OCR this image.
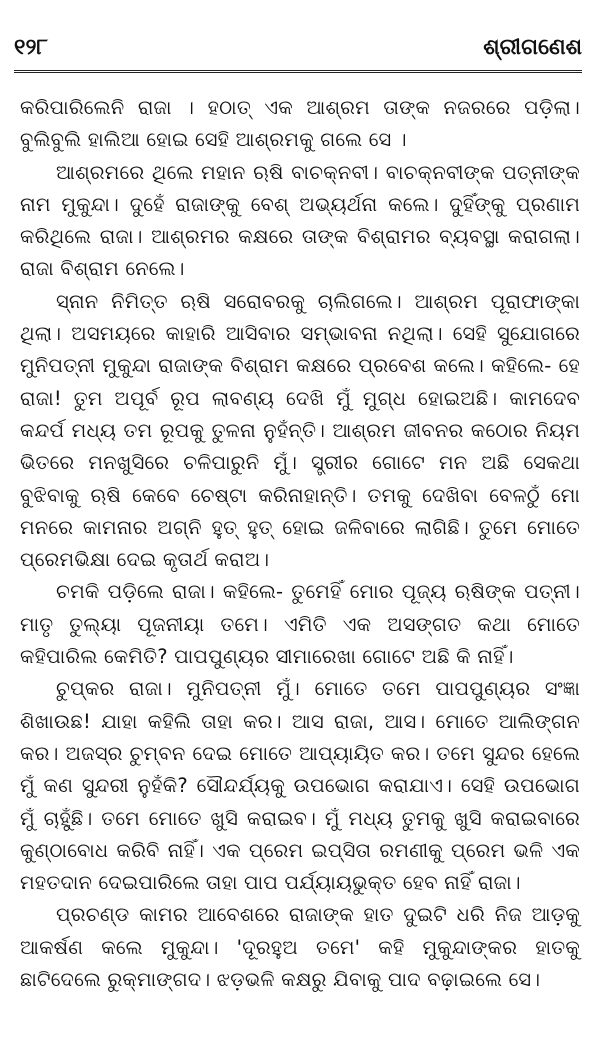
୧୨୮	ଶ୍ରୀଗଣେଶ

କରିପାରିଲେନି ରାଜା । ହଠାତ୍ ଏକ ଆଶ୍ରମ ତାଙ୍କ ନଜରରେ ପଡ଼ିଲା। ବୁଲିବୁଲି ହାଲିଆ ହୋଇ ସେହି ଆଶ୍ରମକୁ ଗଲେ ସେ ।

ଆଶ୍ରମରେ ଥିଲେ ମହାନ ଋଷି ବାଚକ୍ନବୀ। ବାଚକ୍ନବୀଙ୍କ ପତ୍ନୀଙ୍କ ନାମ ମୁକୁନ୍ଦା। ଦୁହେଁ ରାଜାଙ୍କୁ ବେଶ୍ ଅଭ୍ୟର୍ଥନା କଲେ। ଦୁହିଁଙ୍କୁ ପ୍ରଣାମ କରିଥିଲେ ରାଜା। ଆଶ୍ରମର କକ୍ଷରେ ତାଙ୍କ ବିଶ୍ରାମର ବ୍ୟବସ୍ଥା କରାଗଲା। ରାଜା ବିଶ୍ରାମ ନେଲେ।

ସ୍ନାନ ନିମିତ୍ତ ଋଷି ସରୋବରକୁ ଚାଲିଗଲେ। ଆଶ୍ରମ ପୂରାଫାଙ୍କା ଥିଲା। ଅସମୟରେ କାହାରି ଆସିବାର ସମ୍ଭାବନା ନଥିଲା। ସେହି ସୁଯୋଗରେ ମୁନିପତ୍ନୀ ମୁକୁନ୍ଦା ରାଜାଙ୍କ ବିଶ୍ରାମ କକ୍ଷରେ ପ୍ରବେଶ କଲେ। କହିଲେ- ହେ ରାଜା! ତୁମ ଅପୂର୍ବ ରୂପ ଲାବଣ୍ୟ ଦେଖି ମୁଁ ମୁଗ୍ଧ ହୋଇଅଛି। କାମଦେବ କନ୍ଦର୍ପ ମଧ୍ୟ ତମ ରୂପକୁ ତୁଳନା ନୁହଁନ୍ତି। ଆଶ୍ରମ ଜୀବନର କଠୋର ନିୟମ ଭିତରେ ମନଖୁସିରେ ଚଳିପାରୁନି ମୁଁ। ସ୍ତ୍ରୀର ଗୋଟେ ମନ ଅଛି ସେକଥା ବୁଝିବାକୁ ଋଷି କେବେ ଚେଷ୍ଟା କରିନାହାନ୍ତି। ତମକୁ ଦେଖିବା ବେଳଠୁଁ ମୋ ମନରେ କାମନାର ଅଗ୍ନି ହୁତ୍ ହୁତ୍ ହୋଇ ଜଳିବାରେ ଲାଗିଛି। ତୁମେ ମୋତେ ପ୍ରେମଭିକ୍ଷା ଦେଇ କୃତାର୍ଥ କରାଅ।

ଚମକି ପଡ଼ିଲେ ରାଜା। କହିଲେ- ତୁମେହିଁ ମୋର ପୂଜ୍ୟ ଋଷିଙ୍କ ପତ୍ନୀ। ମାତୃ ତୁଲ୍ୟା ପୂଜନୀୟା ତମେ। ଏମିତି ଏକ ଅସଙ୍ଗତ କଥା ମୋତେ କହିପାରିଲ କେମିତି? ପାପପୁଣ୍ୟର ସୀମାରେଖା ଗୋଟେ ଅଛି କି ନାହିଁ।

ଚୁପ୍‌କର ରାଜା। ମୁନିପତ୍ନୀ ମୁଁ। ମୋତେ ତମେ ପାପପୁଣ୍ୟର ସଂଜ୍ଞା ଶିଖାଉଛ! ଯାହା କହିଲି ତାହା କର। ଆସ ରାଜା, ଆସ। ମୋତେ ଆଲିଙ୍ଗନ କର। ଅଜସ୍ର ଚୁମ୍ବନ ଦେଇ ମୋତେ ଆପ୍ୟାୟିତ କର। ତମେ ସୁନ୍ଦର ହେଲେ ମୁଁ କଣ ସୁନ୍ଦରୀ ନୁହଁକି? ସୌନ୍ଦର୍ଯ୍ୟକୁ ଉପଭୋଗ କରାଯାଏ। ସେହି ଉପଭୋଗ ମୁଁ ଚାହୁଁଛି। ତମେ ମୋତେ ଖୁସି କରାଇବ। ମୁଁ ମଧ୍ୟ ତୁମକୁ ଖୁସି କରାଇବାରେ କୁଣ୍ଠାବୋଧ କରିବି ନାହିଁ। ଏକ ପ୍ରେମ ଇପ୍‌ସିତା ରମଣୀକୁ ପ୍ରେମ ଭଳି ଏକ ମହତଦାନ ଦେଇପାରିଲେ ତାହା ପାପ ପର୍ଯ୍ୟାୟଭୁକ୍ତ ହେବ ନାହିଁ ରାଜା।

ପ୍ରଚଣ୍ଡ କାମର ଆବେଶରେ ରାଜାଙ୍କ ହାତ ଦୁଇଟି ଧରି ନିଜ ଆଡ଼କୁ ଆକର୍ଷଣ କଲେ ମୁକୁନ୍ଦା। 'ଦୂରହୁଅ ତମେ' କହି ମୁକୁନ୍ଦାଙ୍କର ହାତକୁ ଛାଟିଦେଲେ ରୁକ୍ମାଙ୍ଗଦ। ଝଡ଼ଭଳି କକ୍ଷରୁ ଯିବାକୁ ପାଦ ବଢ଼ାଇଲେ ସେ।
